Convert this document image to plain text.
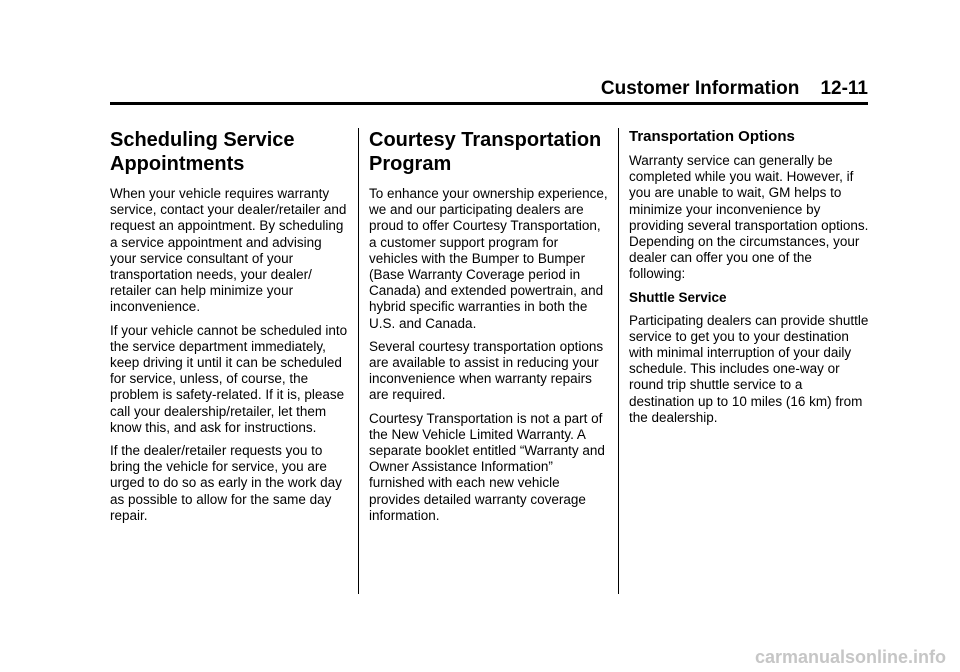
Customer Information 12-11
Scheduling Service
Appointments

When your vehicle requires warranty service, contact your dealer/retailer and request an appointment. By scheduling a service appointment and advising your service consultant of your transportation needs, your dealer/ retailer can help minimize your inconvenience.

If your vehicle cannot be scheduled into the service department immediately, keep driving it until it can be scheduled for service, unless, of course, the problem is safety-related. If it is, please call your dealership/retailer, let them know this, and ask for instructions.

If the dealer/retailer requests you to bring the vehicle for service, you are urged to do so as early in the work day as possible to allow for the same day repair.

Courtesy Transportation
Program

To enhance your ownership experience, we and our participating dealers are proud to offer Courtesy Transportation, a customer support program for vehicles with the Bumper to Bumper (Base Warranty Coverage period in Canada) and extended powertrain, and hybrid specific warranties in both the U.S. and Canada.

Several courtesy transportation options are available to assist in reducing your inconvenience when warranty repairs are required.

Courtesy Transportation is not a part of the New Vehicle Limited Warranty. A separate booklet entitled “Warranty and Owner Assistance Information” furnished with each new vehicle provides detailed warranty coverage information.

Transportation Options

Warranty service can generally be completed while you wait. However, if you are unable to wait, GM helps to minimize your inconvenience by providing several transportation options. Depending on the circumstances, your dealer can offer you one of the following:

Shuttle Service

Participating dealers can provide shuttle service to get you to your destination with minimal interruption of your daily schedule. This includes one-way or round trip shuttle service to a destination up to 10 miles (16 km) from the dealership.

carmanualsonline.info
